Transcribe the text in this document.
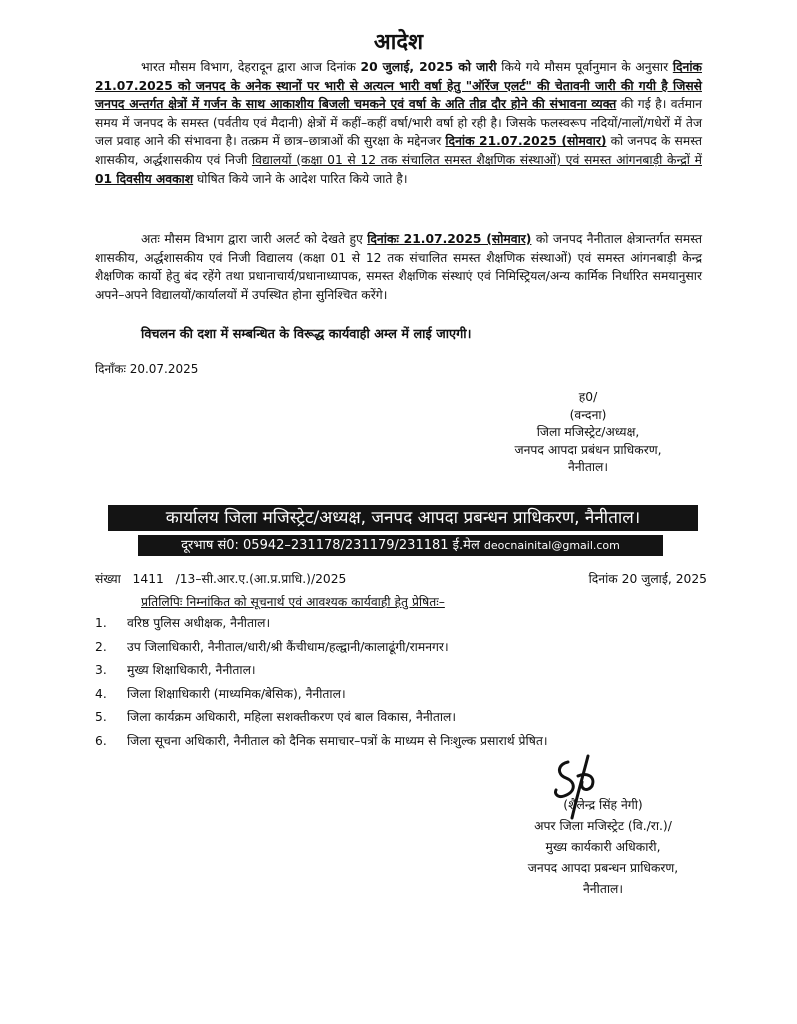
आदेश
भारत मौसम विभाग, देहरादून द्वारा आज दिनांक 20 जुलाई, 2025 को जारी किये गये मौसम पूर्वानुमान के अनुसार दिनांक 21.07.2025 को जनपद के अनेक स्थानों पर भारी से अत्यत्न भारी वर्षा हेतु "ऑरेंज एलर्ट" की चेतावनी जारी की गयी है जिससे जनपद अन्तर्गत क्षेत्रों में गर्जन के साथ आकाशीय बिजली चमकने एवं वर्षा के अति तीव्र दौर होने की संभावना व्यक्त की गई है। वर्तमान समय में जनपद के समस्त (पर्वतीय एवं मैदानी) क्षेत्रों में कहीं–कहीं वर्षा/भारी वर्षा हो रही है। जिसके फलस्वरूप नदियों/नालों/गधेरों में तेज जल प्रवाह आने की संभावना है। तत्क्रम में छात्र–छात्राओं की सुरक्षा के मद्देनजर दिनांक 21.07.2025 (सोमवार) को जनपद के समस्त शासकीय, अर्द्धशासकीय एवं निजी विद्यालयों (कक्षा 01 से 12 तक संचालित समस्त शैक्षणिक संस्थाओं) एवं समस्त आंगनबाड़ी केन्द्रों में 01 दिवसीय अवकाश घोषित किये जाने के आदेश पारित किये जाते है।
अतः मौसम विभाग द्वारा जारी अलर्ट को देखते हुए दिनांकः 21.07.2025 (सोमवार) को जनपद नैनीताल क्षेत्रान्तर्गत समस्त शासकीय, अर्द्धशासकीय एवं निजी विद्यालय (कक्षा 01 से 12 तक संचालित समस्त शैक्षणिक संस्थाओं) एवं समस्त आंगनबाड़ी केन्द्र शैक्षणिक कार्यो हेतु बंद रहेंगे तथा प्रधानाचार्य/प्रधानाध्यापक, समस्त शैक्षणिक संस्थाएं एवं निमिस्ट्रियल/अन्य कार्मिक निर्धारित समयानुसार अपने–अपने विद्यालयों/कार्यालयों में उपस्थित होना सुनिश्चित करेंगे।
विचलन की दशा में सम्बन्धित के विरूद्ध कार्यवाही अम्ल में लाई जाएगी।
दिनाँकः 20.07.2025
ह0/
(वन्दना)
जिला मजिस्ट्रेट/अध्यक्ष,
जनपद आपदा प्रबंधन प्राधिकरण,
नैनीताल।
कार्यालय जिला मजिस्ट्रेट/अध्यक्ष, जनपद आपदा प्रबन्धन प्राधिकरण, नैनीताल।
दूरभाष सं0: 05942–231178/231179/231181 ई.मेल deocnainital@gmail.com
संख्या   1411   /13–सी.आर.ए.(आ.प्र.प्राधि.)/2025	दिनांक 20 जुलाई, 2025
प्रतिलिपिः निम्नांकित को सूचनार्थ एवं आवश्यक कार्यवाही हेतु प्रेषितः–
1.	वरिष्ठ पुलिस अधीक्षक, नैनीताल।
2.	उप जिलाधिकारी, नैनीताल/धारी/श्री कैंचीधाम/हल्द्वानी/कालाढूंगी/रामनगर।
3.	मुख्य शिक्षाधिकारी, नैनीताल।
4.	जिला शिक्षाधिकारी (माध्यमिक/बेसिक), नैनीताल।
5.	जिला कार्यक्रम अधिकारी, महिला सशक्तीकरण एवं बाल विकास, नैनीताल।
6.	जिला सूचना अधिकारी, नैनीताल को दैनिक समाचार–पत्रों के माध्यम से निःशुल्क प्रसारार्थ प्रेषित।
(शैलेन्द्र सिंह नेगी)
अपर जिला मजिस्ट्रेट (वि./रा.)/
मुख्य कार्यकारी अधिकारी,
जनपद आपदा प्रबन्धन प्राधिकरण,
नैनीताल।
